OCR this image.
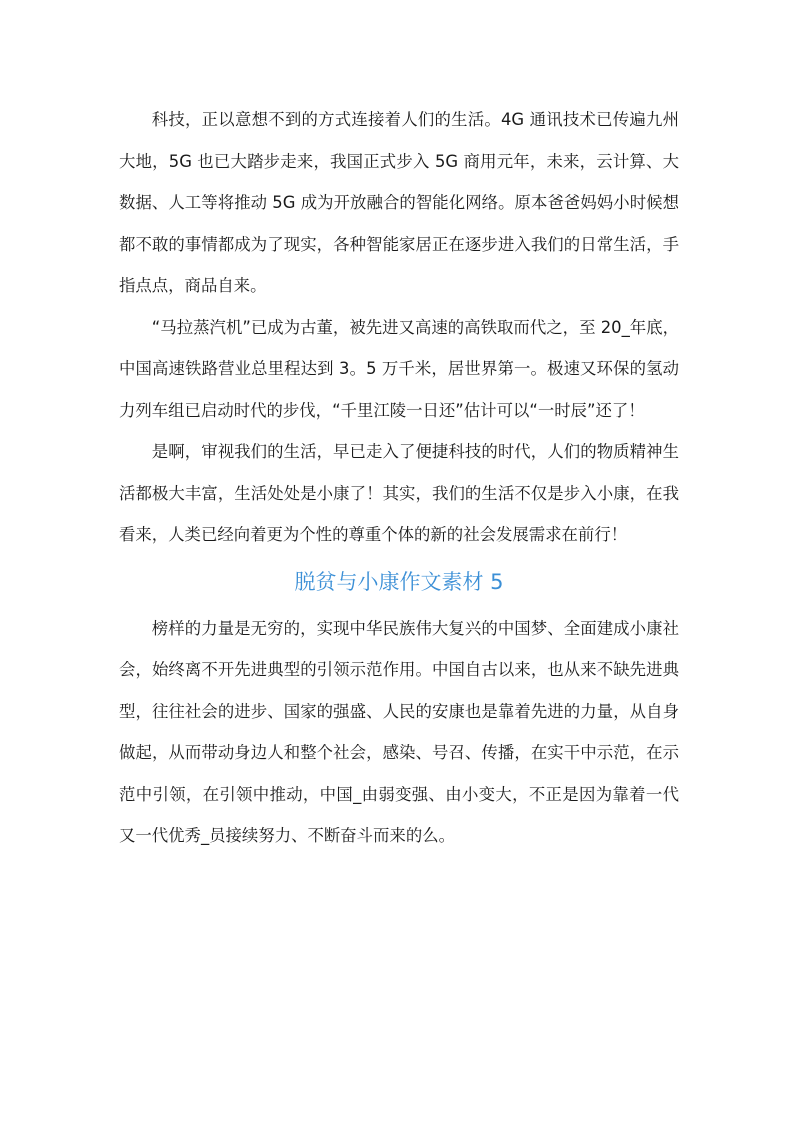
科技，正以意想不到的方式连接着人们的生活。4G 通讯技术已传遍九州大地，5G 也已大踏步走来，我国正式步入 5G 商用元年，未来，云计算、大数据、人工等将推动 5G 成为开放融合的智能化网络。原本爸爸妈妈小时候想都不敢的事情都成为了现实，各种智能家居正在逐步进入我们的日常生活，手指点点，商品自来。

“马拉蒸汽机”已成为古董，被先进又高速的高铁取而代之，至 20_年底，中国高速铁路营业总里程达到 3。5 万千米，居世界第一。极速又环保的氢动力列车组已启动时代的步伐，“千里江陵一日还”估计可以“一时辰”还了！

是啊，审视我们的生活，早已走入了便捷科技的时代，人们的物质精神生活都极大丰富，生活处处是小康了！其实，我们的生活不仅是步入小康，在我看来，人类已经向着更为个性的尊重个体的新的社会发展需求在前行！

脱贫与小康作文素材 5

榜样的力量是无穷的，实现中华民族伟大复兴的中国梦、全面建成小康社会，始终离不开先进典型的引领示范作用。中国自古以来，也从来不缺先进典型，往往社会的进步、国家的强盛、人民的安康也是靠着先进的力量，从自身做起，从而带动身边人和整个社会，感染、号召、传播，在实干中示范，在示范中引领，在引领中推动，中国_由弱变强、由小变大，不正是因为靠着一代又一代优秀_员接续努力、不断奋斗而来的么。
